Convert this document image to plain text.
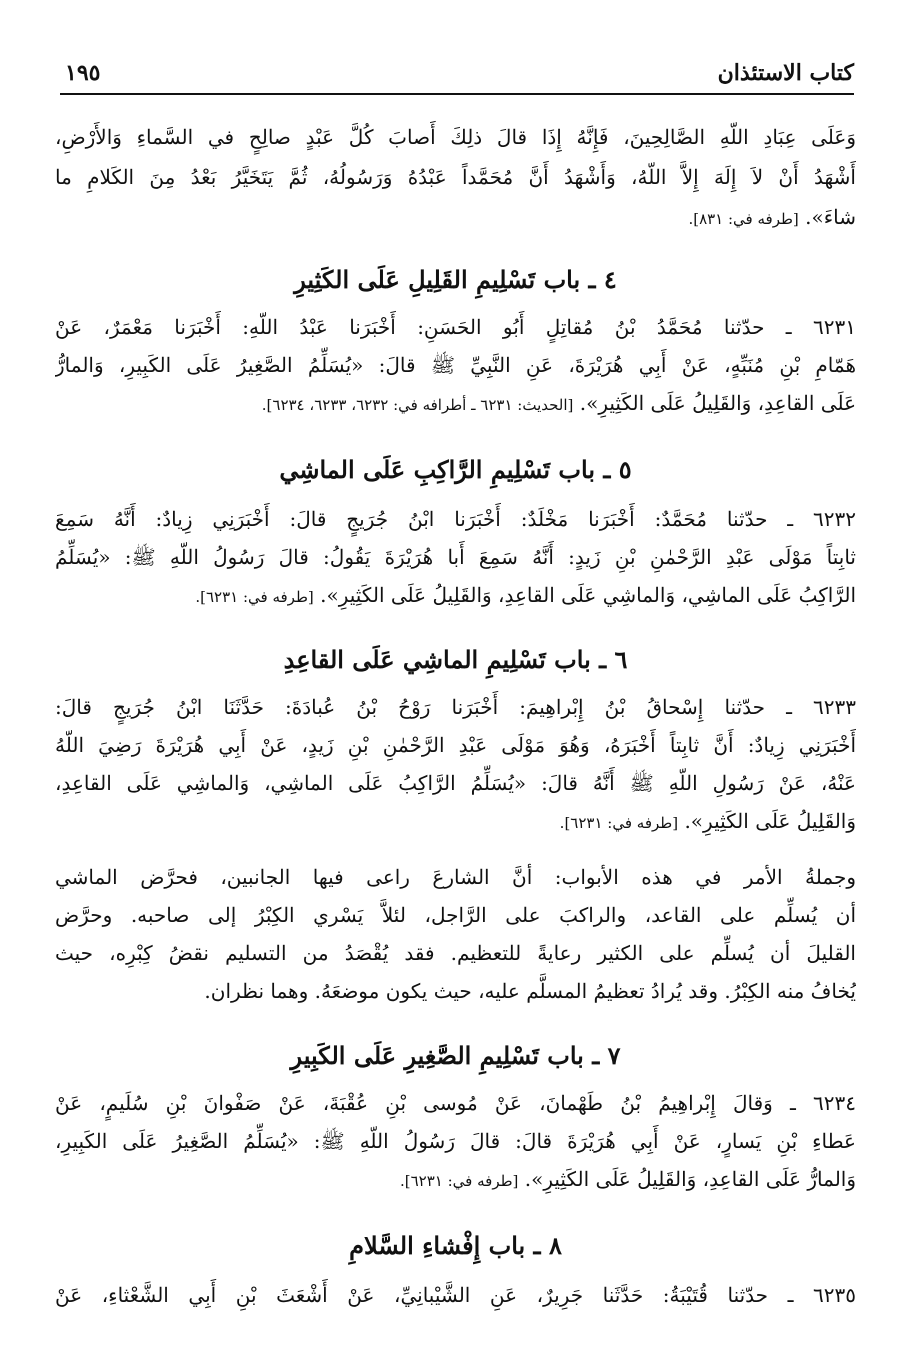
كتاب الاستئذان
١٩٥
وَعَلَى عِبَادِ اللّهِ الصَّالِحِينَ، فَإِنَّهُ إِذَا قالَ ذلِكَ أَصابَ كُلَّ عَبْدٍ صالِحٍ في السَّماءِ وَالأَرْضِ،
أَشْهَدُ أَنْ لاَ إِلَهَ إِلاَّ اللّهُ، وَأَشْهَدُ أَنَّ مُحَمَّداً عَبْدُهُ وَرَسُولُهُ، ثُمَّ يَتَخَيَّرُ بَعْدُ مِنَ الكَلامِ ما
شاءَ». [طرفه في: ٨٣١].
٤ ـ باب تَسْلِيمِ القَلِيلِ عَلَى الكَثِيرِ
٦٢٣١ ـ حدّثنا مُحَمَّدُ بْنُ مُقاتِلٍ أَبُو الحَسَنِ: أَخْبَرَنا عَبْدُ اللّهِ: أَخْبَرَنا مَعْمَرٌ، عَنْ
هَمّامِ بْنِ مُنَبِّهٍ، عَنْ أَبِي هُرَيْرَةَ، عَنِ النَّبِيِّ ﷺ قالَ: «يُسَلِّمُ الصَّغِيرُ عَلَى الكَبِيرِ، وَالمارُّ
عَلَى القاعِدِ، وَالقَلِيلُ عَلَى الكَثِيرِ». [الحديث: ٦٢٣١ ـ أطرافه في: ٦٢٣٢، ٦٢٣٣، ٦٢٣٤].
٥ ـ باب تَسْلِيمِ الرَّاكِبِ عَلَى الماشِي
٦٢٣٢ ـ حدّثنا مُحَمَّدٌ: أَخْبَرَنا مَخْلَدٌ: أَخْبَرَنا ابْنُ جُرَيجٍ قالَ: أَخْبَرَنِي زِيادٌ: أَنَّهُ سَمِعَ
ثابِتاً مَوْلَى عَبْدِ الرَّحْمٰنِ بْنِ زَيدٍ: أَنَّهُ سَمِعَ أَبا هُرَيْرَةَ يَقُولُ: قالَ رَسُولُ اللّهِ ﷺ: «يُسَلِّمُ
الرَّاكِبُ عَلَى الماشِي، وَالماشِي عَلَى القاعِدِ، وَالقَلِيلُ عَلَى الكَثِيرِ». [طرفه في: ٦٢٣١].
٦ ـ باب تَسْلِيمِ الماشِي عَلَى القاعِدِ
٦٢٣٣ ـ حدّثنا إِسْحاقُ بْنُ إِبْراهِيمَ: أَخْبَرَنا رَوْحُ بْنُ عُبادَةَ: حَدَّثَنَا ابْنُ جُرَيجٍ قالَ:
أَخْبَرَنِي زِيادٌ: أَنَّ ثابِتاً أَخْبَرَهُ، وَهُوَ مَوْلَى عَبْدِ الرَّحْمٰنِ بْنِ زَيدٍ، عَنْ أَبِي هُرَيْرَةَ رَضِيَ اللّهُ
عَنْهُ، عَنْ رَسُولِ اللّهِ ﷺ أَنَّهُ قالَ: «يُسَلِّمُ الرَّاكِبُ عَلَى الماشِي، وَالماشِي عَلَى القاعِدِ،
وَالقَلِيلُ عَلَى الكَثِيرِ». [طرفه في: ٦٢٣١].
وجملةُ الأمر في هذه الأبواب: أنَّ الشارعَ راعى فيها الجانبين، فحرَّض الماشي
أن يُسلِّم على القاعد، والراكبَ على الرَّاجل، لئلاَّ يَسْري الكِبْرُ إلى صاحبه. وحرَّض
القليلَ أن يُسلِّم على الكثير رعايةً للتعظيم. فقد يُقْصَدُ من التسليم نقضُ كِبْرِه، حيث
يُخافُ منه الكِبْرُ. وقد يُرادُ تعظيمُ المسلَّم عليه، حيث يكون موضعَهُ. وهما نظران.
٧ ـ باب تَسْلِيمِ الصَّغِيرِ عَلَى الكَبِيرِ
٦٢٣٤ ـ وَقالَ إِبْراهِيمُ بْنُ طَهْمانَ، عَنْ مُوسى بْنِ عُقْبَةَ، عَنْ صَفْوانَ بْنِ سُلَيمٍ، عَنْ
عَطاءِ بْنِ يَسارٍ، عَنْ أَبِي هُرَيْرَةَ قالَ: قالَ رَسُولُ اللّهِ ﷺ: «يُسَلِّمُ الصَّغِيرُ عَلَى الكَبِيرِ،
وَالمارُّ عَلَى القاعِدِ، وَالقَلِيلُ عَلَى الكَثِيرِ». [طرفه في: ٦٢٣١].
٨ ـ باب إِفْشاءِ السَّلامِ
٦٢٣٥ ـ حدّثنا قُتَيْبَةُ: حَدَّثَنا جَرِيرٌ، عَنِ الشَّيْبانِيِّ، عَنْ أَشْعَثَ بْنِ أَبِي الشَّعْثاءِ، عَنْ
